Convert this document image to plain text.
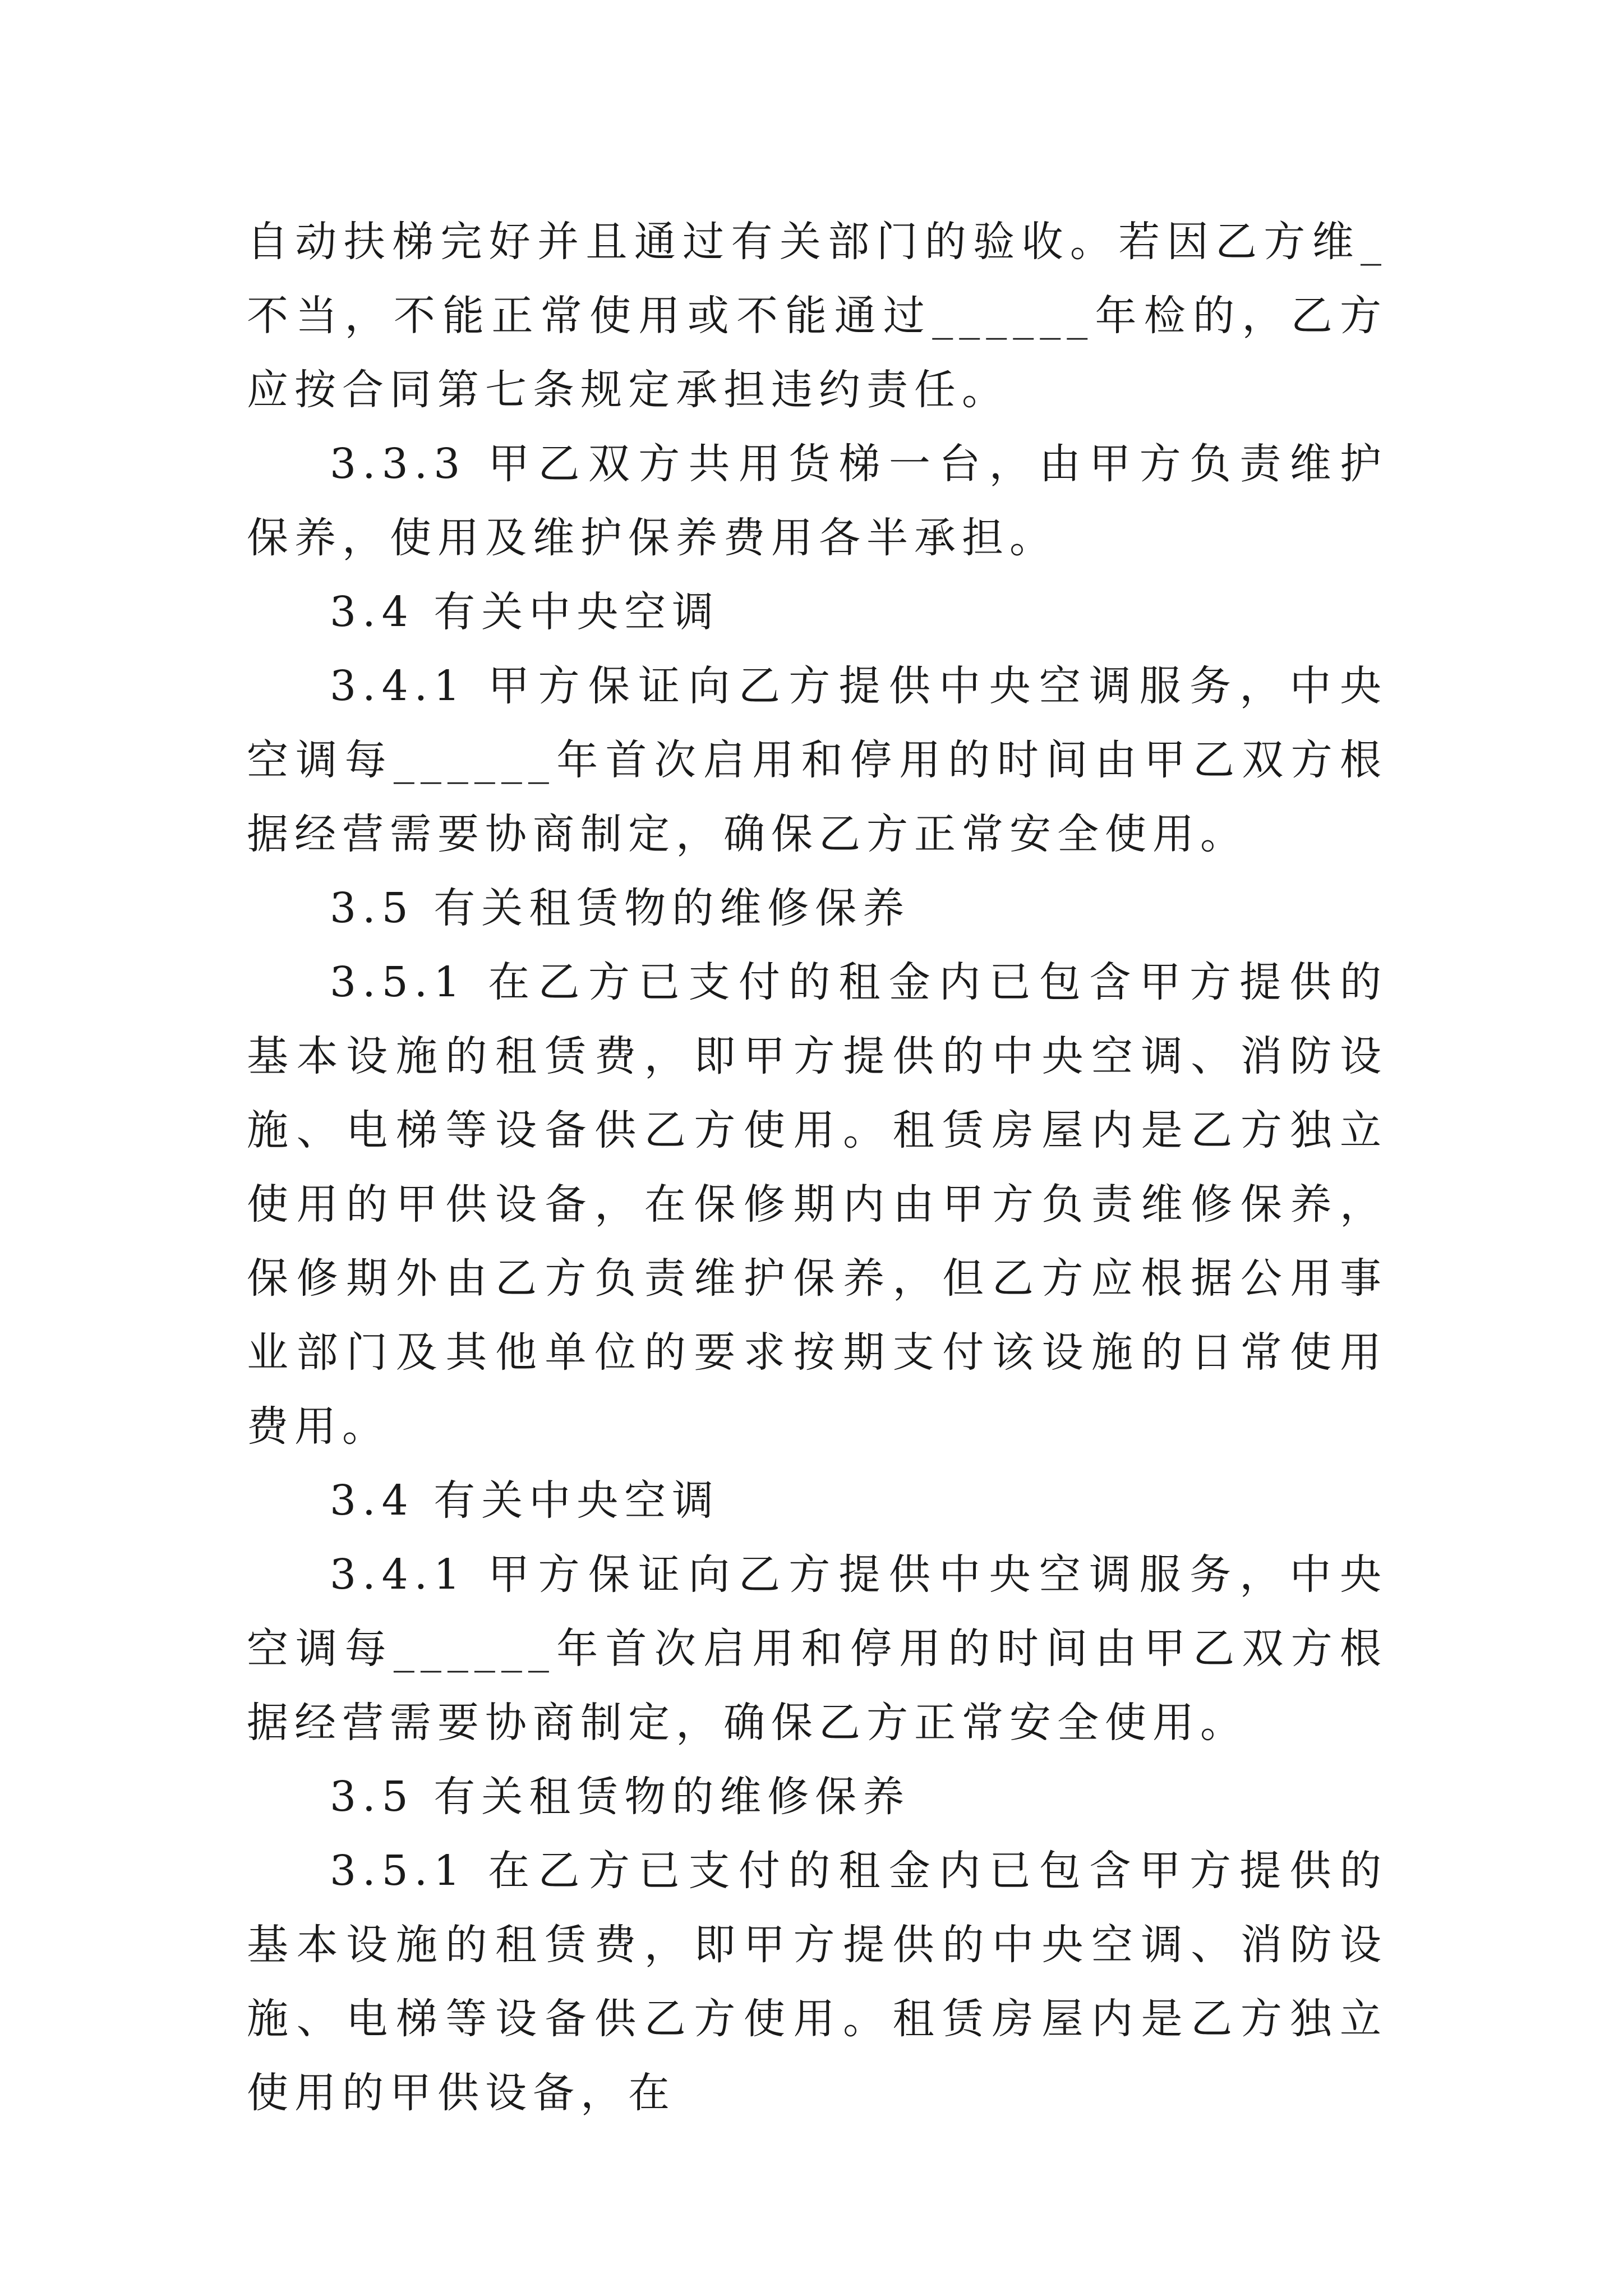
自动扶梯完好并且通过有关部门的验收。若因乙方维_不当，不能正常使用或不能通过______年检的，乙方应按合同第七条规定承担违约责任。

3.3.3 甲乙双方共用货梯一台，由甲方负责维护保养，使用及维护保养费用各半承担。

3.4 有关中央空调

3.4.1 甲方保证向乙方提供中央空调服务，中央空调每______年首次启用和停用的时间由甲乙双方根据经营需要协商制定，确保乙方正常安全使用。

3.5 有关租赁物的维修保养

3.5.1 在乙方已支付的租金内已包含甲方提供的基本设施的租赁费，即甲方提供的中央空调、消防设施、电梯等设备供乙方使用。租赁房屋内是乙方独立使用的甲供设备，在保修期内由甲方负责维修保养，保修期外由乙方负责维护保养，但乙方应根据公用事业部门及其他单位的要求按期支付该设施的日常使用费用。

3.4 有关中央空调

3.4.1 甲方保证向乙方提供中央空调服务，中央空调每______年首次启用和停用的时间由甲乙双方根据经营需要协商制定，确保乙方正常安全使用。

3.5 有关租赁物的维修保养

3.5.1 在乙方已支付的租金内已包含甲方提供的基本设施的租赁费，即甲方提供的中央空调、消防设施、电梯等设备供乙方使用。租赁房屋内是乙方独立使用的甲供设备，在
